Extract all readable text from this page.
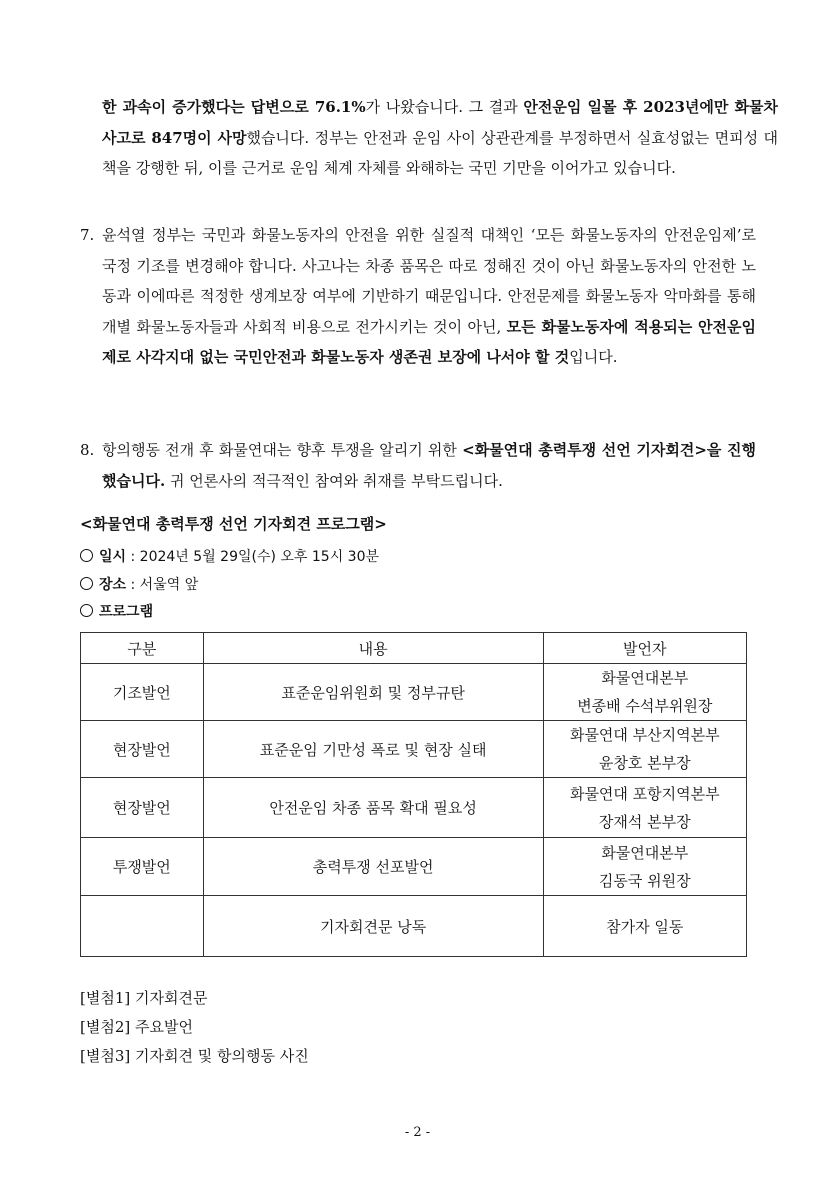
한 과속이 증가했다는 답변으로 76.1%가 나왔습니다. 그 결과 안전운임 일몰 후 2023년에만 화물차 사고로 847명이 사망했습니다. 정부는 안전과 운임 사이 상관관계를 부정하면서 실효성없는 면피성 대책을 강행한 뒤, 이를 근거로 운임 체계 자체를 와해하는 국민 기만을 이어가고 있습니다.
7. 윤석열 정부는 국민과 화물노동자의 안전을 위한 실질적 대책인 ‘모든 화물노동자의 안전운임제’로 국정 기조를 변경해야 합니다. 사고나는 차종 품목은 따로 정해진 것이 아닌 화물노동자의 안전한 노동과 이에따른 적정한 생계보장 여부에 기반하기 때문입니다. 안전문제를 화물노동자 악마화를 통해 개별 화물노동자들과 사회적 비용으로 전가시키는 것이 아닌, 모든 화물노동자에 적용되는 안전운임제로 사각지대 없는 국민안전과 화물노동자 생존권 보장에 나서야 할 것입니다.
8. 항의행동 전개 후 화물연대는 향후 투쟁을 알리기 위한 <화물연대 총력투쟁 선언 기자회견>을 진행했습니다. 귀 언론사의 적극적인 참여와 취재를 부탁드립니다.
<화물연대 총력투쟁 선언 기자회견 프로그램>
일시 : 2024년 5월 29일(수) 오후 15시 30분
장소 : 서울역 앞
프로그램
구분	내용	발언자
기조발언	표준운임위원회 및 정부규탄	화물연대본부
변종배 수석부위원장

현장발언	표준운임 기만성 폭로 및 현장 실태	화물연대 부산지역본부
윤창호 본부장

현장발언	안전운임 차종 품목 확대 필요성	화물연대 포항지역본부
장재석 본부장

투쟁발언	총력투쟁 선포발언	화물연대본부
김동국 위원장

	기자회견문 낭독	참가자 일동
[별첨1] 기자회견문
[별첨2] 주요발언
[별첨3] 기자회견 및 항의행동 사진
- 2 -
